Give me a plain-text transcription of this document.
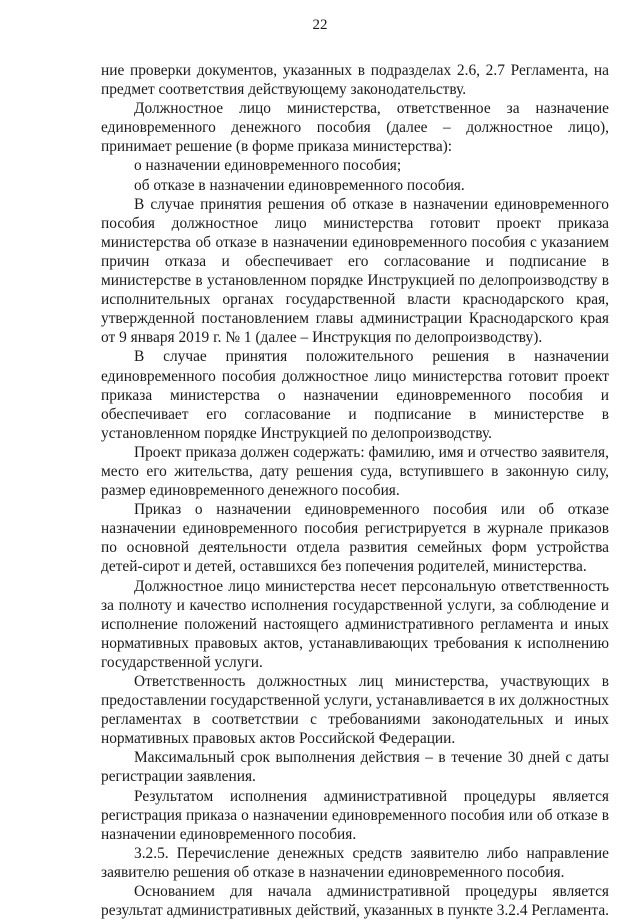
22

ние проверки документов, указанных в подразделах 2.6, 2.7 Регламента, на предмет соответствия действующему законодательству.

Должностное лицо министерства, ответственное за назначение единовременного денежного пособия (далее – должностное лицо), принимает решение (в форме приказа министерства):

о назначении единовременного пособия;

об отказе в назначении единовременного пособия.

В случае принятия решения об отказе в назначении единовременного пособия должностное лицо министерства готовит проект приказа министерства об отказе в назначении единовременного пособия с указанием причин отказа и обеспечивает его согласование и подписание в министерстве в установленном порядке Инструкцией по делопроизводству в исполнительных органах государственной власти краснодарского края, утвержденной постановлением главы администрации Краснодарского края от 9 января 2019 г. № 1 (далее – Инструкция по делопроизводству).

В случае принятия положительного решения в назначении единовременного пособия должностное лицо министерства готовит проект приказа министерства о назначении единовременного пособия и обеспечивает его согласование и подписание в министерстве в установленном порядке Инструкцией по делопроизводству.

Проект приказа должен содержать: фамилию, имя и отчество заявителя, место его жительства, дату решения суда, вступившего в законную силу, размер единовременного денежного пособия.

Приказ о назначении единовременного пособия или об отказе назначении единовременного пособия регистрируется в журнале приказов по основной деятельности отдела развития семейных форм устройства детей-сирот и детей, оставшихся без попечения родителей, министерства.

Должностное лицо министерства несет персональную ответственность за полноту и качество исполнения государственной услуги, за соблюдение и исполнение положений настоящего административного регламента и иных нормативных правовых актов, устанавливающих требования к исполнению государственной услуги.

Ответственность должностных лиц министерства, участвующих в предоставлении государственной услуги, устанавливается в их должностных регламентах в соответствии с требованиями законодательных и иных нормативных правовых актов Российской Федерации.

Максимальный срок выполнения действия – в течение 30 дней с даты регистрации заявления.

Результатом исполнения административной процедуры является регистрация приказа о назначении единовременного пособия или об отказе в назначении единовременного пособия.

3.2.5. Перечисление денежных средств заявителю либо направление заявителю решения об отказе в назначении единовременного пособия.

Основанием для начала административной процедуры является результат административных действий, указанных в пункте 3.2.4 Регламента.
